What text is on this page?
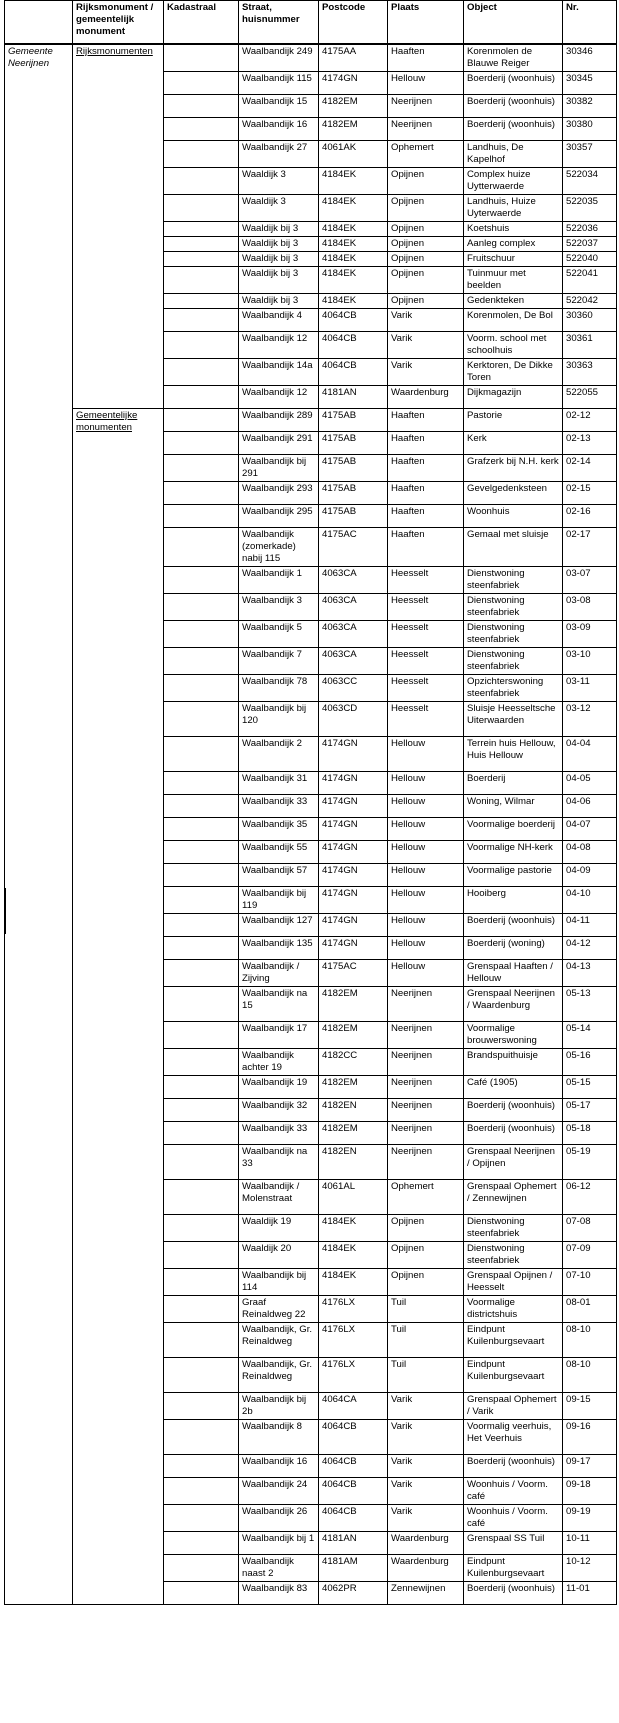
	Rijksmonument / gemeentelijk monument	Kadastraal	Straat, huisnummer	Postcode	Plaats	Object	Nr.
Gemeente Neerijnen	Rijksmonumenten		Waalbandijk 249	4175AA	Haaften	Korenmolen de Blauwe Reiger	30346
			Waalbandijk 115	4174GN	Hellouw	Boerderij (woonhuis)	30345
			Waalbandijk 15	4182EM	Neerijnen	Boerderij (woonhuis)	30382
			Waalbandijk 16	4182EM	Neerijnen	Boerderij (woonhuis)	30380
			Waalbandijk 27	4061AK	Ophemert	Landhuis, De Kapelhof	30357
			Waaldijk 3	4184EK	Opijnen	Complex huize Uytterwaerde	522034
			Waaldijk 3	4184EK	Opijnen	Landhuis, Huize Uyterwaerde	522035
			Waaldijk bij 3	4184EK	Opijnen	Koetshuis	522036
			Waaldijk bij 3	4184EK	Opijnen	Aanleg complex	522037
			Waaldijk bij 3	4184EK	Opijnen	Fruitschuur	522040
			Waaldijk bij 3	4184EK	Opijnen	Tuinmuur met beelden	522041
			Waaldijk bij 3	4184EK	Opijnen	Gedenkteken	522042
			Waalbandijk 4	4064CB	Varik	Korenmolen, De Bol	30360
			Waalbandijk 12	4064CB	Varik	Voorm. school met schoolhuis	30361
			Waalbandijk 14a	4064CB	Varik	Kerktoren, De Dikke Toren	30363
			Waalbandijk 12	4181AN	Waardenburg	Dijkmagazijn	522055
	Gemeentelijke monumenten		Waalbandijk 289	4175AB	Haaften	Pastorie	02-12
			Waalbandijk 291	4175AB	Haaften	Kerk	02-13
			Waalbandijk bij 291	4175AB	Haaften	Grafzerk bij N.H. kerk	02-14
			Waalbandijk 293	4175AB	Haaften	Gevelgedenksteen	02-15
			Waalbandijk 295	4175AB	Haaften	Woonhuis	02-16
			Waalbandijk (zomerkade) nabij 115	4175AC	Haaften	Gemaal met sluisje	02-17
			Waalbandijk 1	4063CA	Heesselt	Dienstwoning steenfabriek	03-07
			Waalbandijk 3	4063CA	Heesselt	Dienstwoning steenfabriek	03-08
			Waalbandijk 5	4063CA	Heesselt	Dienstwoning steenfabriek	03-09
			Waalbandijk 7	4063CA	Heesselt	Dienstwoning steenfabriek	03-10
			Waalbandijk 78	4063CC	Heesselt	Opzichterswoning steenfabriek	03-11
			Waalbandijk bij 120	4063CD	Heesselt	Sluisje Heesseltsche Uiterwaarden	03-12
			Waalbandijk 2	4174GN	Hellouw	Terrein huis Hellouw, Huis Hellouw	04-04
			Waalbandijk 31	4174GN	Hellouw	Boerderij	04-05
			Waalbandijk 33	4174GN	Hellouw	Woning, Wilmar	04-06
			Waalbandijk 35	4174GN	Hellouw	Voormalige boerderij	04-07
			Waalbandijk 55	4174GN	Hellouw	Voormalige NH-kerk	04-08
			Waalbandijk 57	4174GN	Hellouw	Voormalige pastorie	04-09
			Waalbandijk bij 119	4174GN	Hellouw	Hooiberg	04-10
			Waalbandijk 127	4174GN	Hellouw	Boerderij (woonhuis)	04-11
			Waalbandijk 135	4174GN	Hellouw	Boerderij (woning)	04-12
			Waalbandijk / Zijving	4175AC	Hellouw	Grenspaal Haaften / Hellouw	04-13
			Waalbandijk na 15	4182EM	Neerijnen	Grenspaal Neerijnen / Waardenburg	05-13
			Waalbandijk 17	4182EM	Neerijnen	Voormalige brouwerswoning	05-14
			Waalbandijk achter 19	4182CC	Neerijnen	Brandspuithuisje	05-16
			Waalbandijk 19	4182EM	Neerijnen	Café (1905)	05-15
			Waalbandijk 32	4182EN	Neerijnen	Boerderij (woonhuis)	05-17
			Waalbandijk 33	4182EM	Neerijnen	Boerderij (woonhuis)	05-18
			Waalbandijk na 33	4182EN	Neerijnen	Grenspaal Neerijnen / Opijnen	05-19
			Waalbandijk / Molenstraat	4061AL	Ophemert	Grenspaal Ophemert / Zennewijnen	06-12
			Waaldijk 19	4184EK	Opijnen	Dienstwoning steenfabriek	07-08
			Waaldijk 20	4184EK	Opijnen	Dienstwoning steenfabriek	07-09
			Waalbandijk bij 114	4184EK	Opijnen	Grenspaal Opijnen / Heesselt	07-10
			Graaf Reinaldweg 22	4176LX	Tuil	Voormalige districtshuis	08-01
			Waalbandijk, Gr. Reinaldweg	4176LX	Tuil	Eindpunt Kuilenburgsevaart	08-10
			Waalbandijk, Gr. Reinaldweg	4176LX	Tuil	Eindpunt Kuilenburgsevaart	08-10
			Waalbandijk bij 2b	4064CA	Varik	Grenspaal Ophemert / Varik	09-15
			Waalbandijk 8	4064CB	Varik	Voormalig veerhuis, Het Veerhuis	09-16
			Waalbandijk 16	4064CB	Varik	Boerderij (woonhuis)	09-17
			Waalbandijk 24	4064CB	Varik	Woonhuis / Voorm. café	09-18
			Waalbandijk 26	4064CB	Varik	Woonhuis / Voorm. café	09-19
			Waalbandijk bij 1	4181AN	Waardenburg	Grenspaal SS Tuil	10-11
			Waalbandijk naast 2	4181AM	Waardenburg	Eindpunt Kuilenburgsevaart	10-12
			Waalbandijk 83	4062PR	Zennewijnen	Boerderij (woonhuis)	11-01
